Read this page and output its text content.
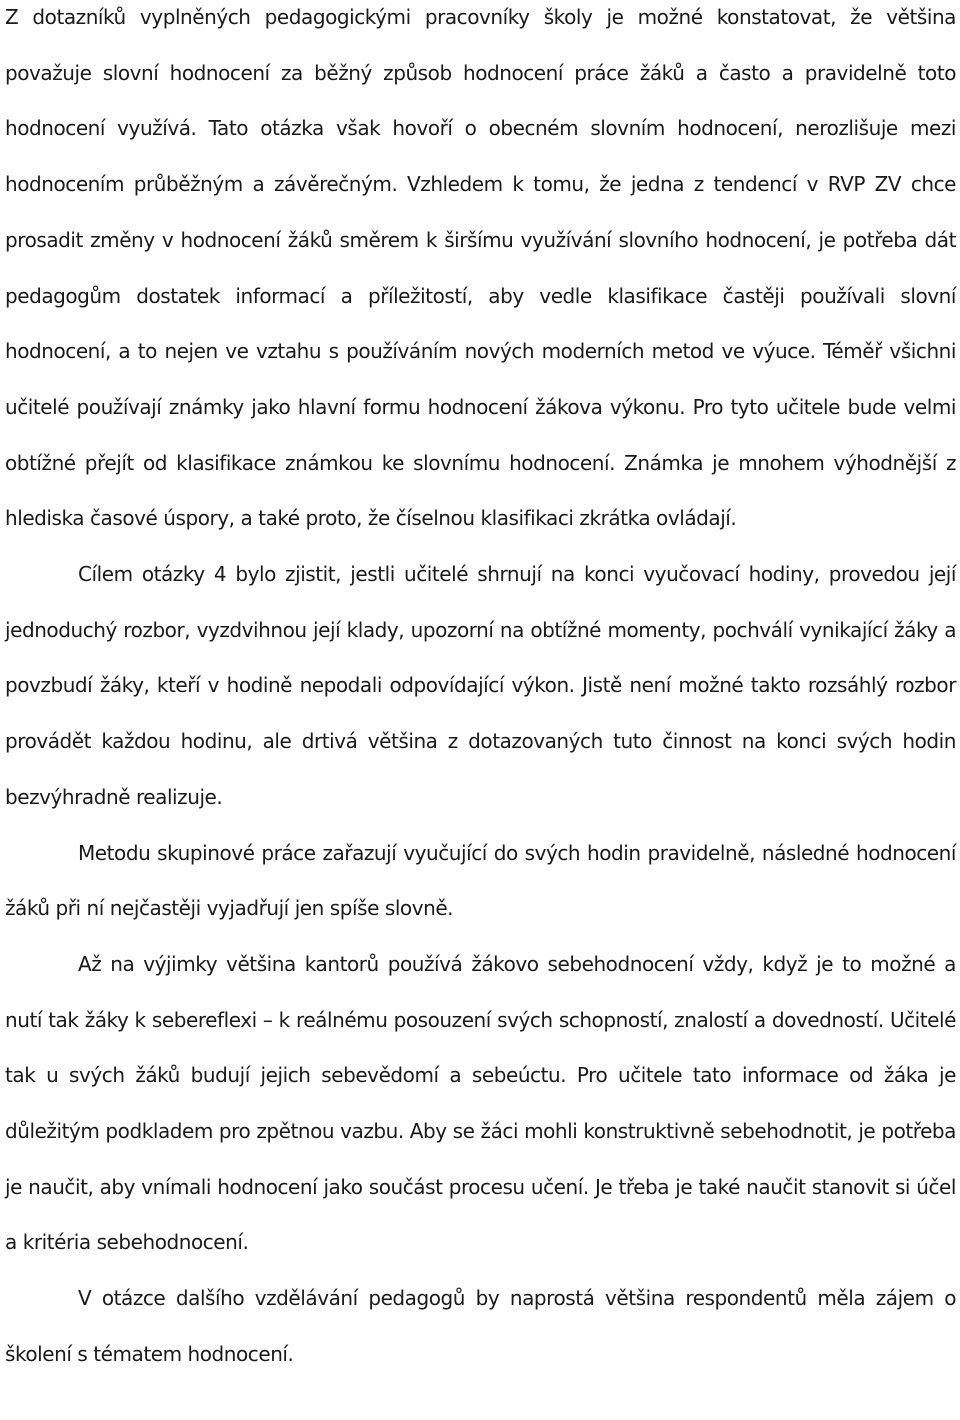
Z dotazníků vyplněných pedagogickými pracovníky školy je možné konstatovat, že většina považuje slovní hodnocení za běžný způsob hodnocení práce žáků a často a pravidelně toto hodnocení využívá. Tato otázka však hovoří o obecném slovním hodnocení, nerozlišuje mezi hodnocením průběžným a závěrečným. Vzhledem k tomu, že jedna z tendencí v RVP ZV chce prosadit změny v hodnocení žáků směrem k širšímu využívání slovního hodnocení, je potřeba dát pedagogům dostatek informací a příležitostí, aby vedle klasifikace častěji používali slovní hodnocení, a to nejen ve vztahu s používáním nových moderních metod ve výuce. Téměř všichni učitelé používají známky jako hlavní formu hodnocení žákova výkonu. Pro tyto učitele bude velmi obtížné přejít od klasifikace známkou ke slovnímu hodnocení. Známka je mnohem výhodnější z hlediska časové úspory, a také proto, že číselnou klasifikaci zkrátka ovládají.

Cílem otázky 4 bylo zjistit, jestli učitelé shrnují na konci vyučovací hodiny, provedou její jednoduchý rozbor, vyzdvihnou její klady, upozorní na obtížné momenty, pochválí vynikající žáky a povzbudí žáky, kteří v hodině nepodali odpovídající výkon. Jistě není možné takto rozsáhlý rozbor provádět každou hodinu, ale drtivá většina z dotazovaných tuto činnost na konci svých hodin bezvýhradně realizuje.

Metodu skupinové práce zařazují vyučující do svých hodin pravidelně, následné hodnocení žáků při ní nejčastěji vyjadřují jen spíše slovně.

Až na výjimky většina kantorů používá žákovo sebehodnocení vždy, když je to možné a nutí tak žáky k sebereflexi – k reálnému posouzení svých schopností, znalostí a dovedností. Učitelé tak u svých žáků budují jejich sebevědomí a sebeúctu. Pro učitele tato informace od žáka je důležitým podkladem pro zpětnou vazbu. Aby se žáci mohli konstruktivně sebehodnotit, je potřeba je naučit, aby vnímali hodnocení jako součást procesu učení. Je třeba je také naučit stanovit si účel a kritéria sebehodnocení.

V otázce dalšího vzdělávání pedagogů by naprostá většina respondentů měla zájem o školení s tématem hodnocení.
